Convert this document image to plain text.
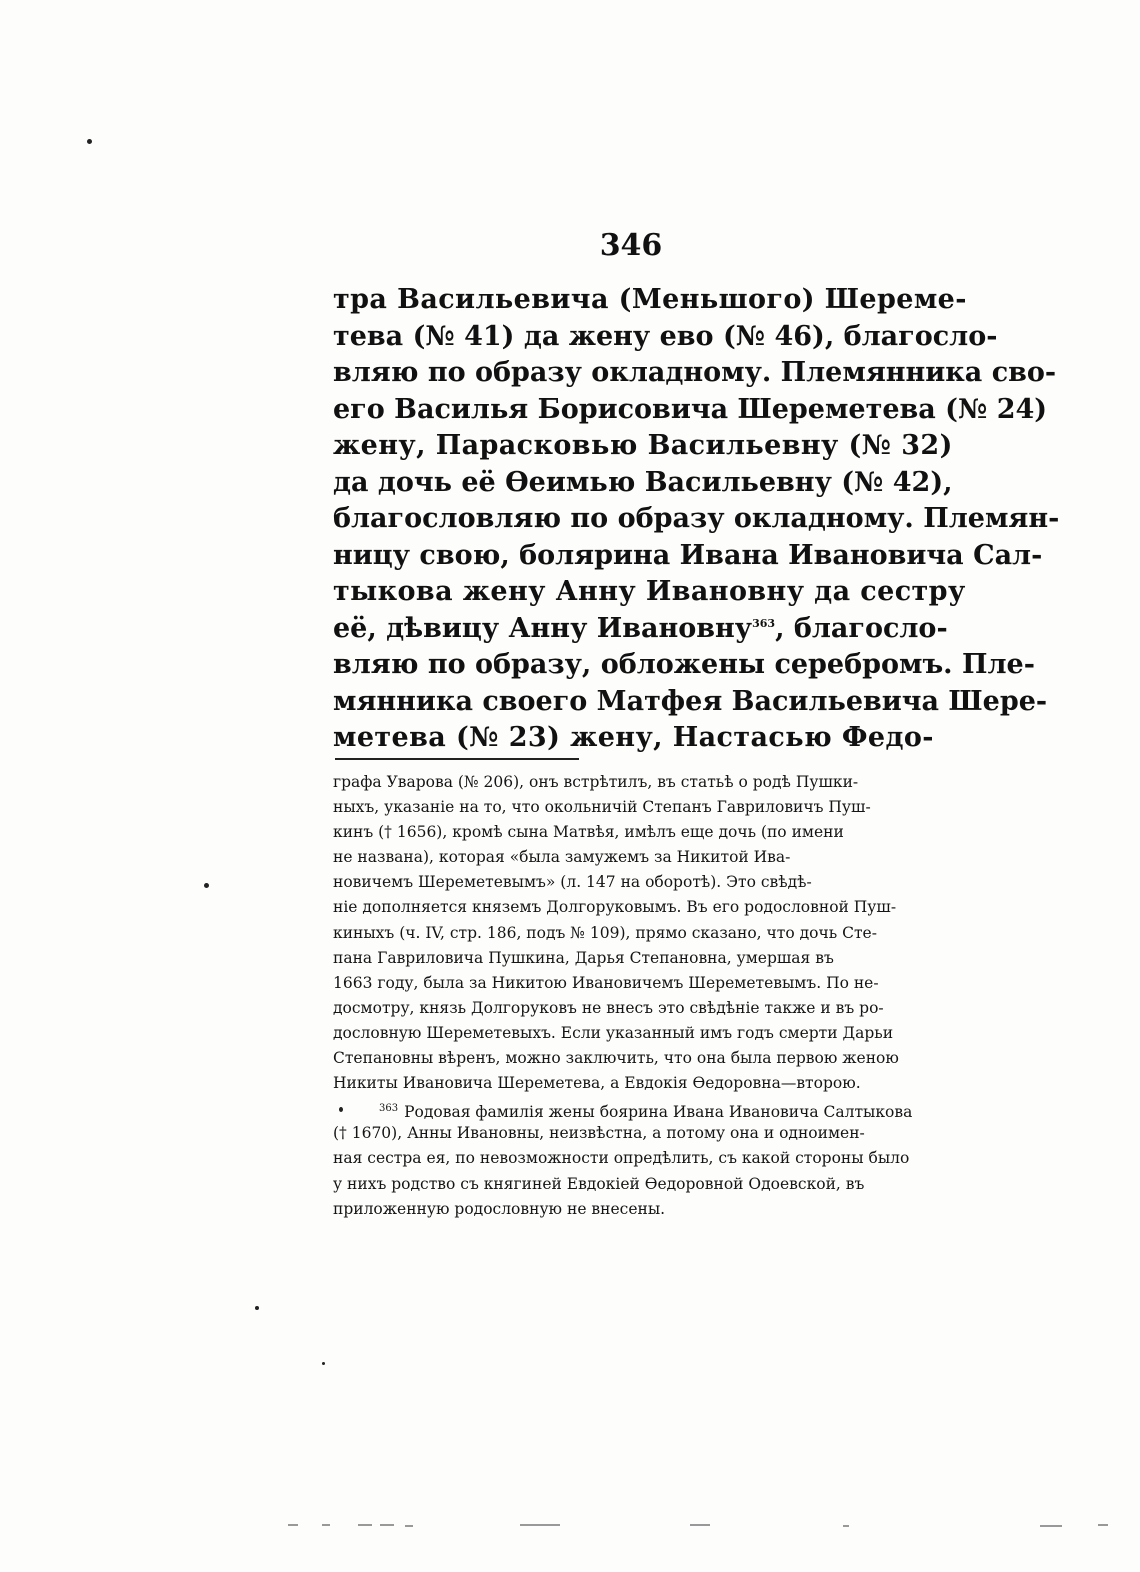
346
тра Васильевича (Меньшого) Шереме-
тева (№ 41) да жену ево (№ 46), благосло-
вляю по образу окладному. Племянника сво-
его Василья Борисовича Шереметева (№ 24)
жену, Парасковью Васильевну (№ 32)
да дочь её Ѳеимью Васильевну (№ 42),
благословляю по образу окладному. Племян-
ницу свою, болярина Ивана Ивановича Сал-
тыкова жену Анну Ивановну да сестру
её, дѣвицу Анну Ивановну$^{363}$, благосло-
вляю по образу, обложены серебромъ. Пле-
мянника своего Матфея Васильевича Шере-
метева (№ 23) жену, Настасью Федо-
графа Уварова (№ 206), онъ встрѣтилъ, въ статьѣ о родѣ Пушки-
ныхъ, указаніе на то, что окольничій Степанъ Гавриловичъ Пуш-
кинъ († 1656), кромѣ сына Матвѣя, имѣлъ еще дочь (по имени
не названа), которая «была замужемъ за Никитой Ива-
новичемъ Шереметевымъ» (л. 147 на оборотѣ). Это свѣдѣ-
ніе дополняется княземъ Долгоруковымъ. Въ его родословной Пуш-
киныхъ (ч. IV, стр. 186, подъ № 109), прямо сказано, что дочь Сте-
пана Гавриловича Пушкина, Дарья Степановна, умершая въ
1663 году, была за Никитою Ивановичемъ Шереметевымъ. По не-
досмотру, князь Долгоруковъ не внесъ это свѣдѣніе также и въ ро-
дословную Шереметевыхъ. Если указанный имъ годъ смерти Дарьи
Степановны вѣренъ, можно заключить, что она была первою женою
Никиты Ивановича Шереметева, а Евдокія Ѳедоровна—второю.
$^{363}$ Родовая фамилія жены боярина Ивана Ивановича Салтыкова
(† 1670), Анны Ивановны, неизвѣстна, а потому она и одноимен-
ная сестра ея, по невозможности опредѣлить, съ какой стороны было
у нихъ родство съ княгиней Евдокіей Ѳедоровной Одоевской, въ
приложенную родословную не внесены.
